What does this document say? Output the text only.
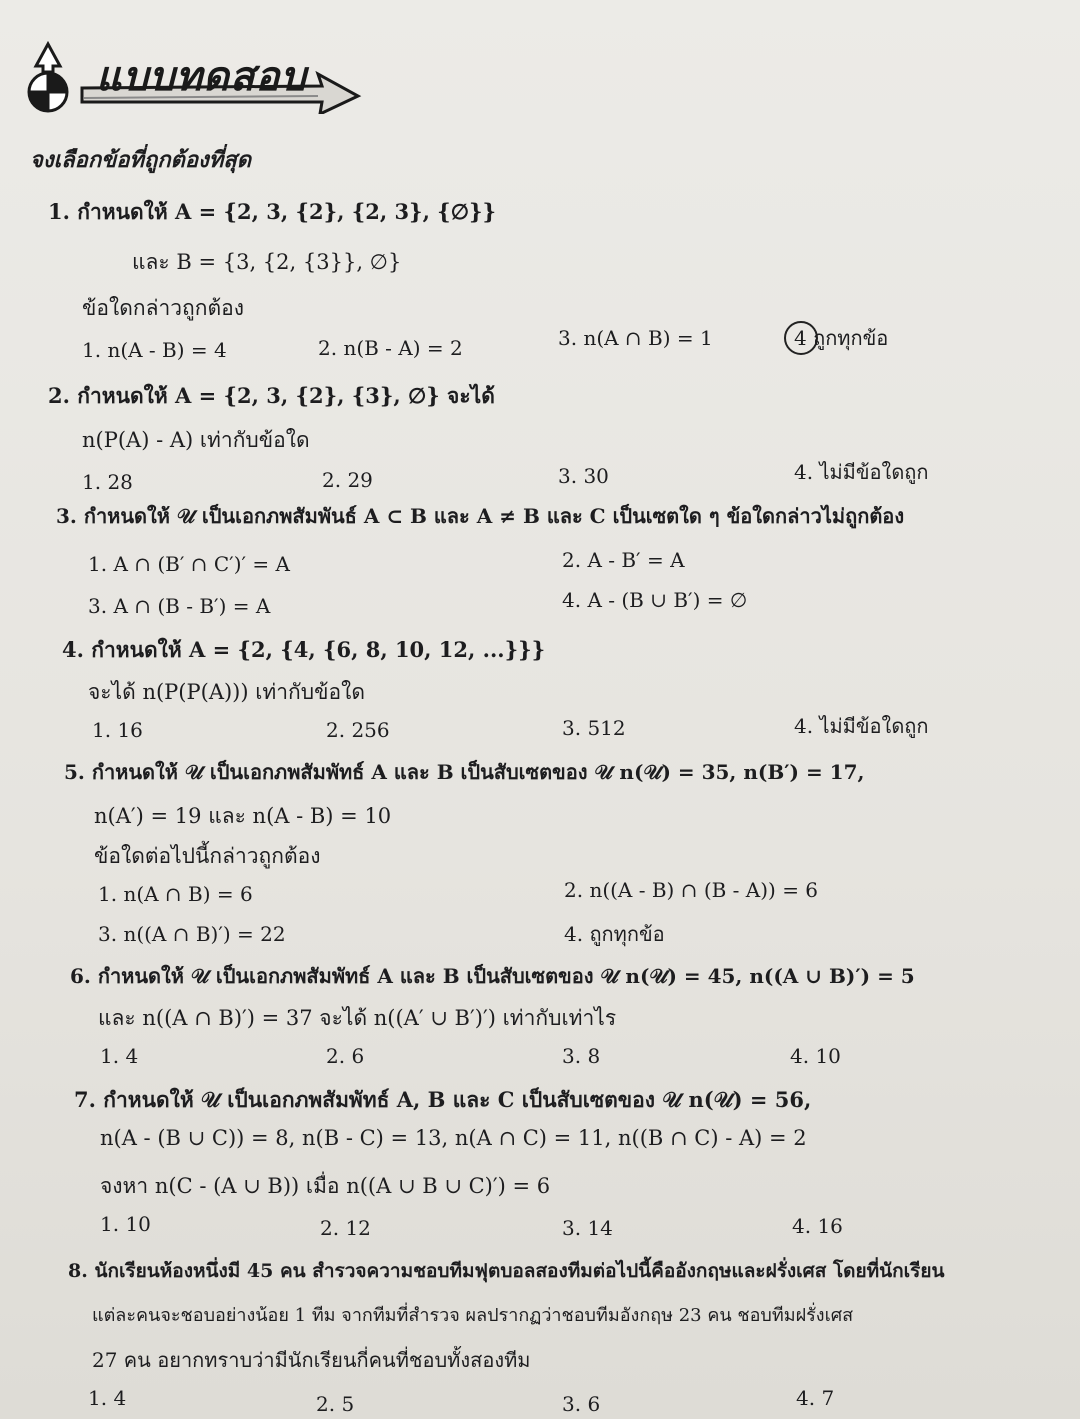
แบบทดสอบ
จงเลือกข้อที่ถูกต้องที่สุด
1. กำหนดให้ A = {2, 3, {2}, {2, 3}, {∅}}
และ B = {3, {2, {3}}, ∅}
ข้อใดกล่าวถูกต้อง
1. n(A - B) = 4	2. n(B - A) = 2	3. n(A ∩ B) = 1	4 ถูกทุกข้อ
2. กำหนดให้ A = {2, 3, {2}, {3}, ∅} จะได้
n(P(A) - A) เท่ากับข้อใด
1. 28	2. 29	3. 30	4. ไม่มีข้อใดถูก
3. กำหนดให้ 𝒰 เป็นเอกภพสัมพันธ์ A ⊂ B และ A ≠ B และ C เป็นเซตใด ๆ ข้อใดกล่าวไม่ถูกต้อง
1. A ∩ (B′ ∩ C′)′ = A	2. A - B′ = A
3. A ∩ (B - B′) = A	4. A - (B ∪ B′) = ∅
4. กำหนดให้ A = {2, {4, {6, 8, 10, 12, ...}}}
จะได้ n(P(P(A))) เท่ากับข้อใด
1. 16	2. 256	3. 512	4. ไม่มีข้อใดถูก
5. กำหนดให้ 𝒰 เป็นเอกภพสัมพัทธ์ A และ B เป็นสับเซตของ 𝒰 n(𝒰) = 35, n(B′) = 17,
n(A′) = 19 และ n(A - B) = 10
ข้อใดต่อไปนี้กล่าวถูกต้อง
1. n(A ∩ B) = 6	2. n((A - B) ∩ (B - A)) = 6
3. n((A ∩ B)′) = 22	4. ถูกทุกข้อ
6. กำหนดให้ 𝒰 เป็นเอกภพสัมพัทธ์ A และ B เป็นสับเซตของ 𝒰 n(𝒰) = 45, n((A ∪ B)′) = 5
และ n((A ∩ B)′) = 37 จะได้ n((A′ ∪ B′)′) เท่ากับเท่าไร
1. 4	2. 6	3. 8	4. 10
7. กำหนดให้ 𝒰 เป็นเอกภพสัมพัทธ์ A, B และ C เป็นสับเซตของ 𝒰 n(𝒰) = 56,
n(A - (B ∪ C)) = 8, n(B - C) = 13, n(A ∩ C) = 11, n((B ∩ C) - A) = 2
จงหา n(C - (A ∪ B)) เมื่อ n((A ∪ B ∪ C)′) = 6
1. 10	2. 12	3. 14	4. 16
8. นักเรียนห้องหนึ่งมี 45 คน สำรวจความชอบทีมฟุตบอลสองทีมต่อไปนี้คืออังกฤษและฝรั่งเศส โดยที่นักเรียน
แต่ละคนจะชอบอย่างน้อย 1 ทีม จากทีมที่สำรวจ ผลปรากฏว่าชอบทีมอังกฤษ 23 คน ชอบทีมฝรั่งเศส
27 คน อยากทราบว่ามีนักเรียนกี่คนที่ชอบทั้งสองทีม
1. 4	2. 5	3. 6	4. 7
